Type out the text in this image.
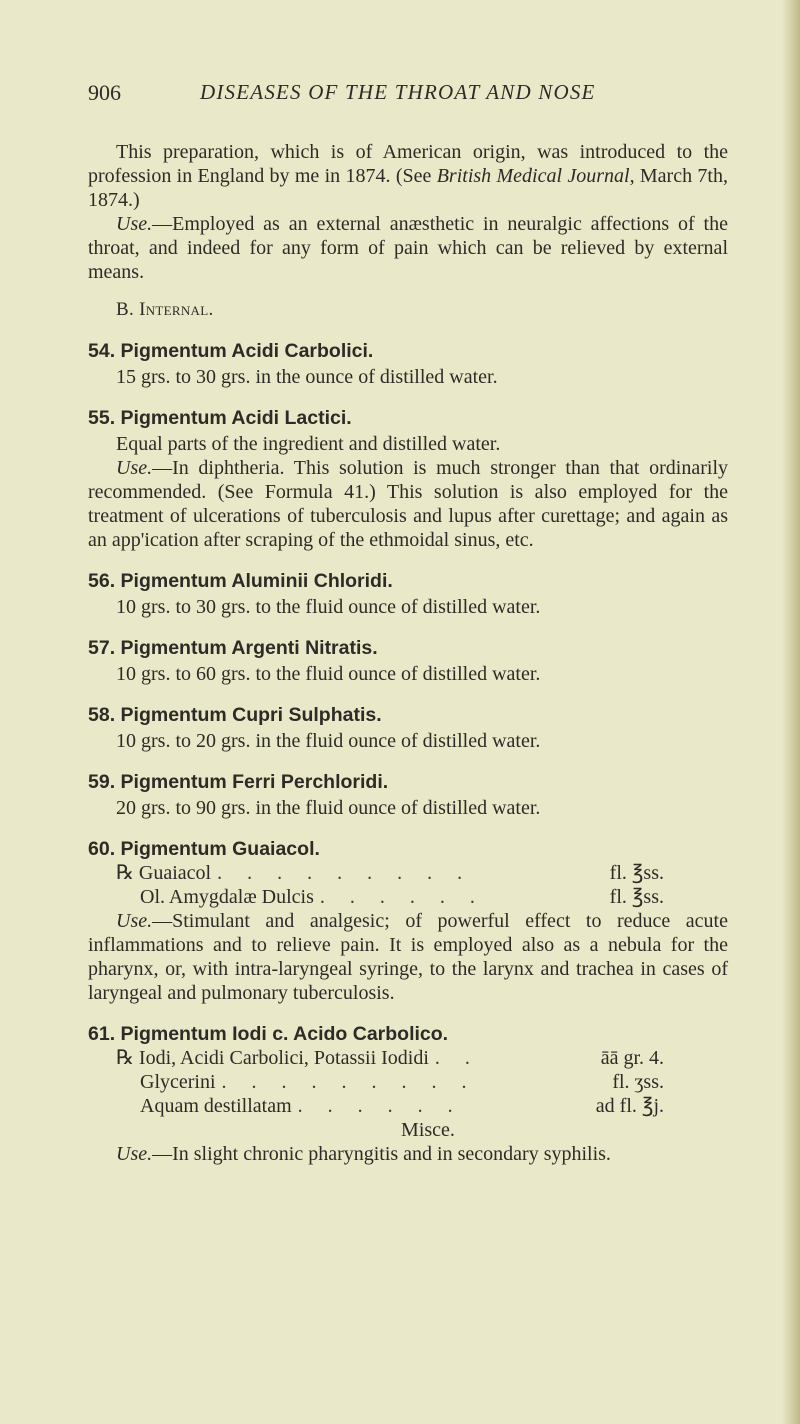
906	DISEASES OF THE THROAT AND NOSE

This preparation, which is of American origin, was introduced to the profession in England by me in 1874. (See British Medical Journal, March 7th, 1874.)

Use.—Employed as an external anæsthetic in neuralgic affections of the throat, and indeed for any form of pain which can be relieved by external means.

B. Internal.

54. Pigmentum Acidi Carbolici.

15 grs. to 30 grs. in the ounce of distilled water.

55. Pigmentum Acidi Lactici.

Equal parts of the ingredient and distilled water.

Use.—In diphtheria. This solution is much stronger than that ordinarily recommended. (See Formula 41.) This solution is also employed for the treatment of ulcerations of tuberculosis and lupus after curettage; and again as an app'ication after scraping of the ethmoidal sinus, etc.

56. Pigmentum Aluminii Chloridi.

10 grs. to 30 grs. to the fluid ounce of distilled water.

57. Pigmentum Argenti Nitratis.

10 grs. to 60 grs. to the fluid ounce of distilled water.

58. Pigmentum Cupri Sulphatis.

10 grs. to 20 grs. in the fluid ounce of distilled water.

59. Pigmentum Ferri Perchloridi.

20 grs. to 90 grs. in the fluid ounce of distilled water.

60. Pigmentum Guaiacol.

℞ Guaiacol . . . . . . . . .	fl. ℥ss.
Ol. Amygdalæ Dulcis . . . . . .	fl. ℥ss.

Use.—Stimulant and analgesic; of powerful effect to reduce acute inflammations and to relieve pain. It is employed also as a nebula for the pharynx, or, with intra-laryngeal syringe, to the larynx and trachea in cases of laryngeal and pulmonary tuberculosis.

61. Pigmentum Iodi c. Acido Carbolico.

℞ Iodi, Acidi Carbolici, Potassii Iodidi . .	āā gr. 4.
Glycerini . . . . . . . . .	fl. ʒss.
Aquam destillatam . . . . . .	ad fl. ℥j.

Misce.

Use.—In slight chronic pharyngitis and in secondary syphilis.
